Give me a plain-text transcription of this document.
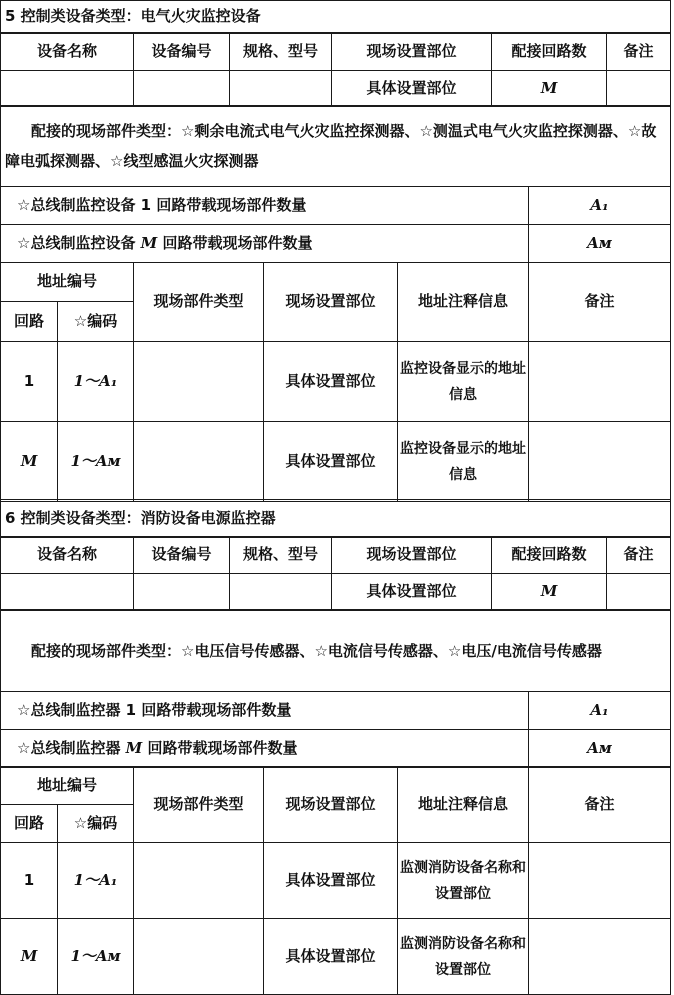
5 控制类设备类型：电气火灾监控设备
设备名称	设备编号	规格、型号	现场设置部位	配接回路数	备注
			具体设置部位	M	
配接的现场部件类型：☆剩余电流式电气火灾监控探测器、☆测温式电气火灾监控探测器、☆故障电弧探测器、☆线型感温火灾探测器	
☆总线制监控设备 1 回路带载现场部件数量	A₁
☆总线制监控设备 M 回路带载现场部件数量	Aᴍ
地址编号		现场部件类型	现场设置部位	地址注释信息	备注
回路	☆编码				
1	1～A₁		具体设置部位	监控设备显示的地址信息	
M	1～Aᴍ		具体设置部位	监控设备显示的地址信息	
6 控制类设备类型：消防设备电源监控器
设备名称	设备编号	规格、型号	现场设置部位	配接回路数	备注
			具体设置部位	M	
配接的现场部件类型：☆电压信号传感器、☆电流信号传感器、☆电压/电流信号传感器	
☆总线制监控器 1 回路带载现场部件数量	A₁
☆总线制监控器 M 回路带载现场部件数量	Aᴍ
地址编号		现场部件类型	现场设置部位	地址注释信息	备注
回路	☆编码				
1	1～A₁		具体设置部位	监测消防设备名称和设置部位	
M	1～Aᴍ		具体设置部位	监测消防设备名称和设置部位	
